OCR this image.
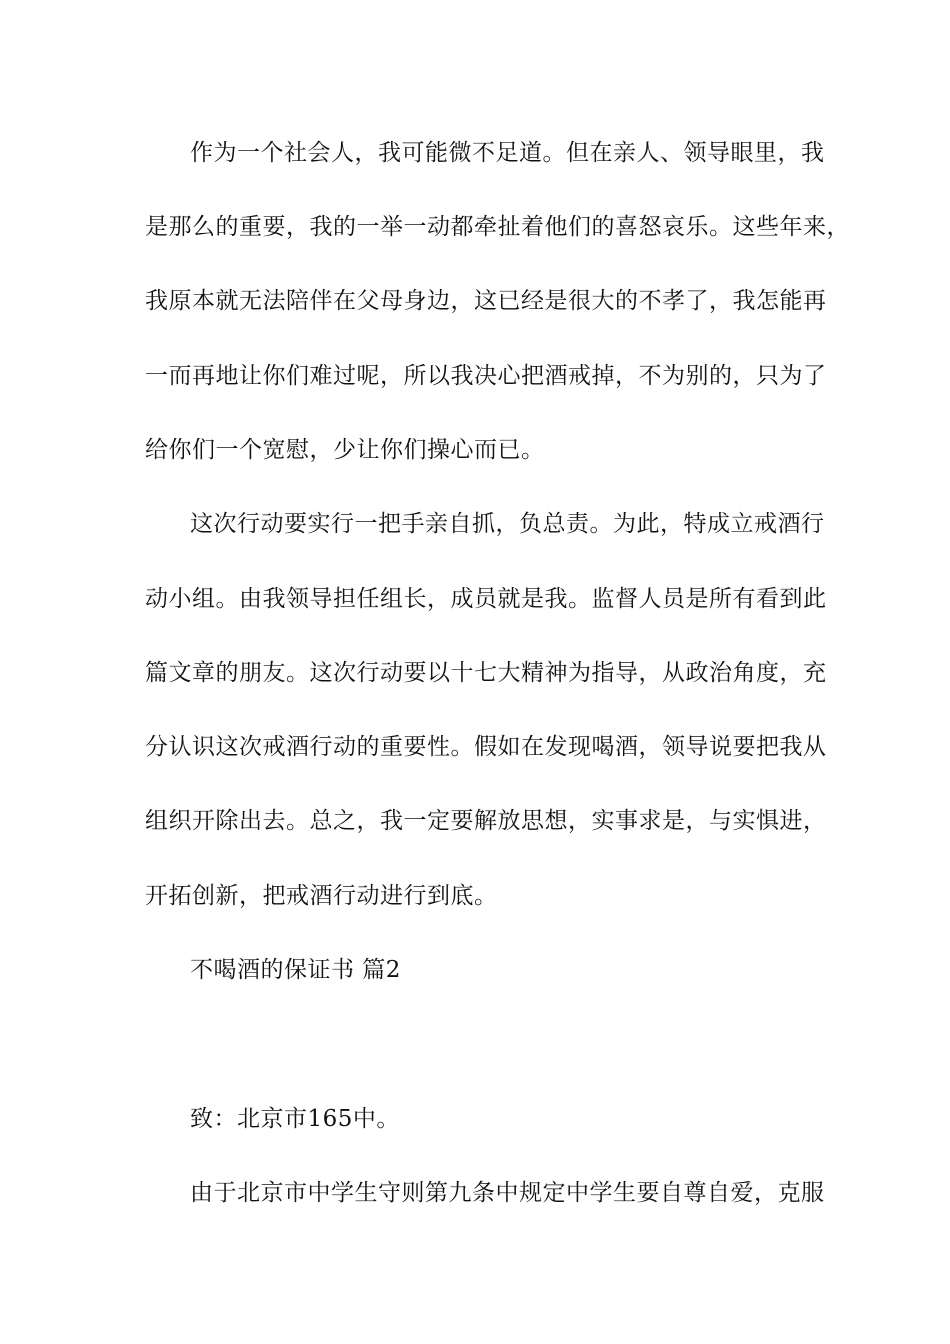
作为一个社会人，我可能微不足道。但在亲人、领导眼里，我
是那么的重要，我的一举一动都牵扯着他们的喜怒哀乐。这些年来，
我原本就无法陪伴在父母身边，这已经是很大的不孝了，我怎能再
一而再地让你们难过呢，所以我决心把酒戒掉，不为别的，只为了
给你们一个宽慰，少让你们操心而已。
这次行动要实行一把手亲自抓，负总责。为此，特成立戒酒行
动小组。由我领导担任组长，成员就是我。监督人员是所有看到此
篇文章的朋友。这次行动要以十七大精神为指导，从政治角度，充
分认识这次戒酒行动的重要性。假如在发现喝酒，领导说要把我从
组织开除出去。总之，我一定要解放思想，实事求是，与实惧进，
开拓创新，把戒酒行动进行到底。
不喝酒的保证书 篇2
致：北京市165中。
由于北京市中学生守则第九条中规定中学生要自尊自爱，克服
